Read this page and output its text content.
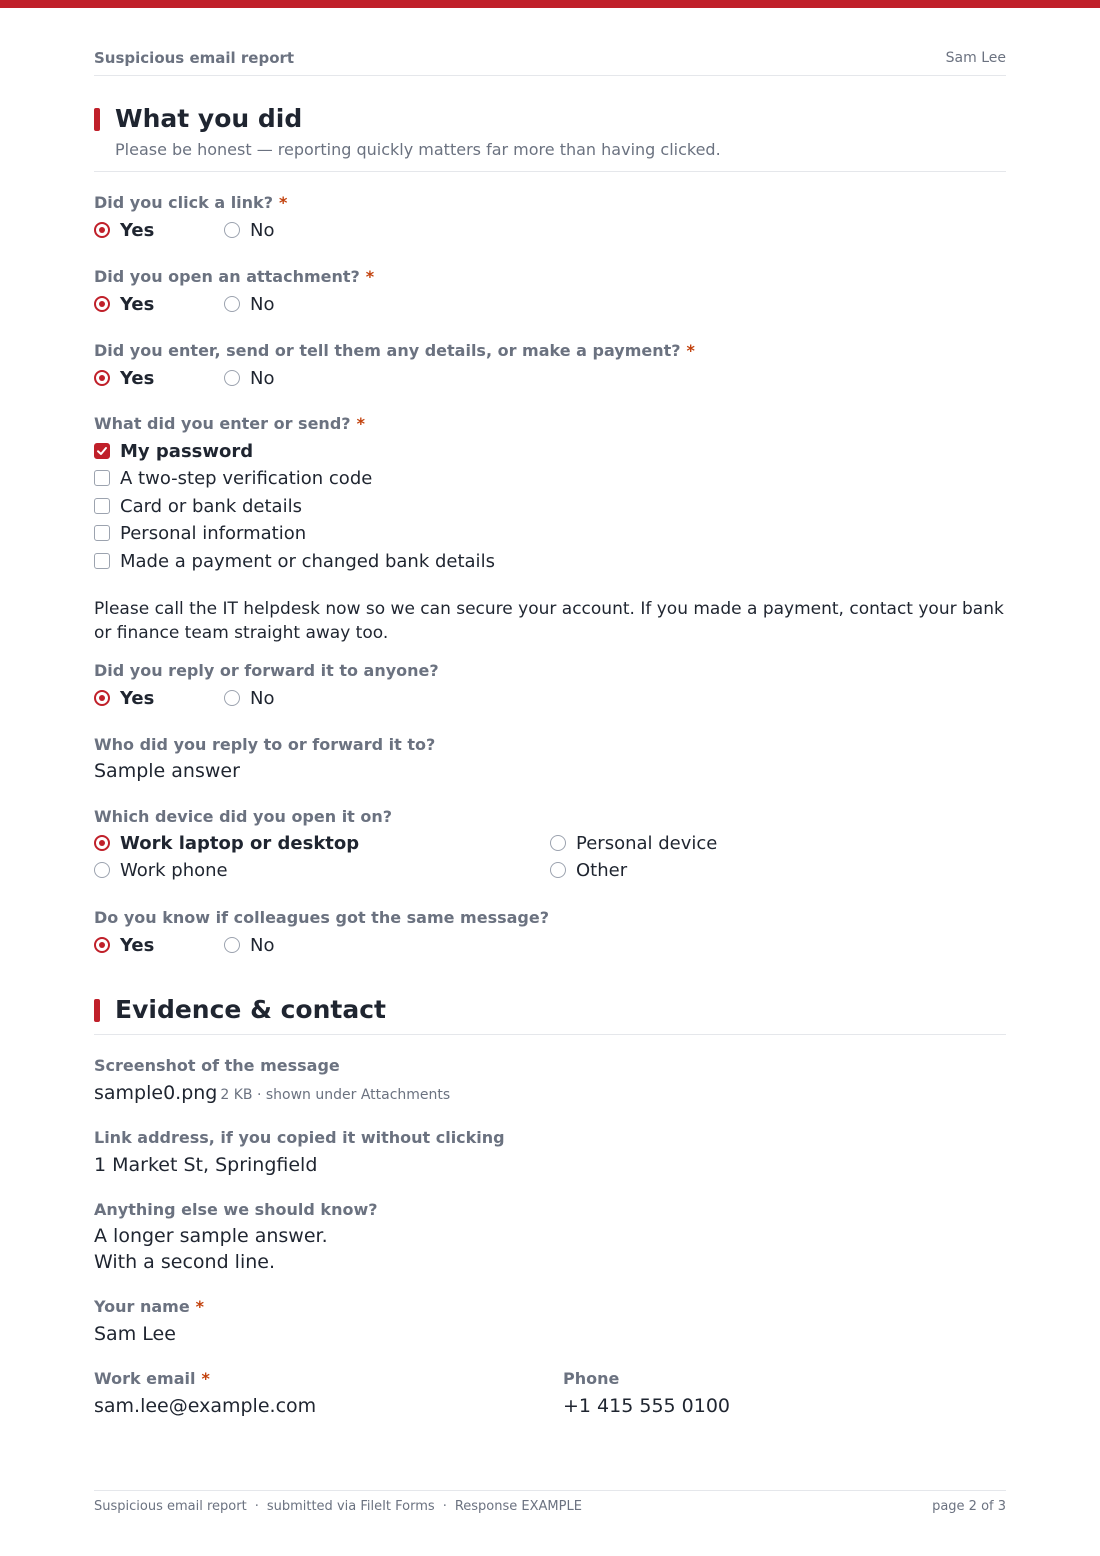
Suspicious email report	Sam Lee
What you did
Please be honest — reporting quickly matters far more than having clicked.
Did you click a link? *
Yes	No
Did you open an attachment? *
Yes	No
Did you enter, send or tell them any details, or make a payment? *
Yes	No
What did you enter or send? *
My password
A two-step verification code
Card or bank details
Personal information
Made a payment or changed bank details
Please call the IT helpdesk now so we can secure your account. If you made a payment, contact your bank or finance team straight away too.
Did you reply or forward it to anyone?
Yes	No
Who did you reply to or forward it to?
Sample answer
Which device did you open it on?
Work laptop or desktop	Personal device
Work phone	Other
Do you know if colleagues got the same message?
Yes	No
Evidence & contact
Screenshot of the message
sample0.png 2 KB · shown under Attachments
Link address, if you copied it without clicking
1 Market St, Springfield
Anything else we should know?
A longer sample answer.
With a second line.
Your name *
Sam Lee
Work email *
sam.lee@example.com
Phone
+1 415 555 0100
Suspicious email report · submitted via FileIt Forms · Response EXAMPLE	page 2 of 3
